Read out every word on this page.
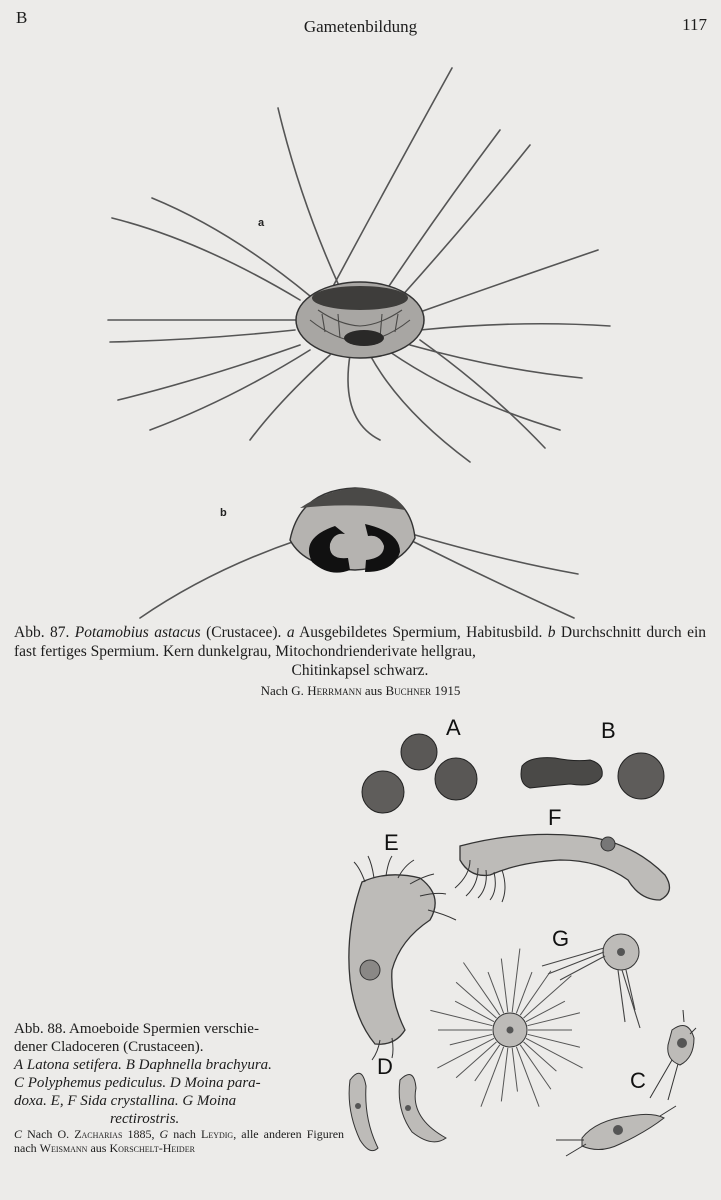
B	Gametenbildung	117
a
b
Abb. 87. Potamobius astacus (Crustacee). a Ausgebildetes Spermium, Habitusbild. b Durchschnitt durch ein fast fertiges Spermium. Kern dunkelgrau, Mitochondrienderivate hellgrau,
Chitinkapsel schwarz.
Nach G. Herrmann aus Buchner 1915
A	B
E
F
G
C
D
Abb. 88. Amoeboide Spermien verschie-
dener Cladoceren (Crustaceen).
A Latona setifera. B Daphnella brachyura.
C Polyphemus pediculus. D Moina para-
doxa. E, F Sida crystallina. G Moina
rectirostris.
C Nach O. Zacharias 1885, G nach Leydig, alle anderen Figuren nach Weismann aus Korschelt-Heider
